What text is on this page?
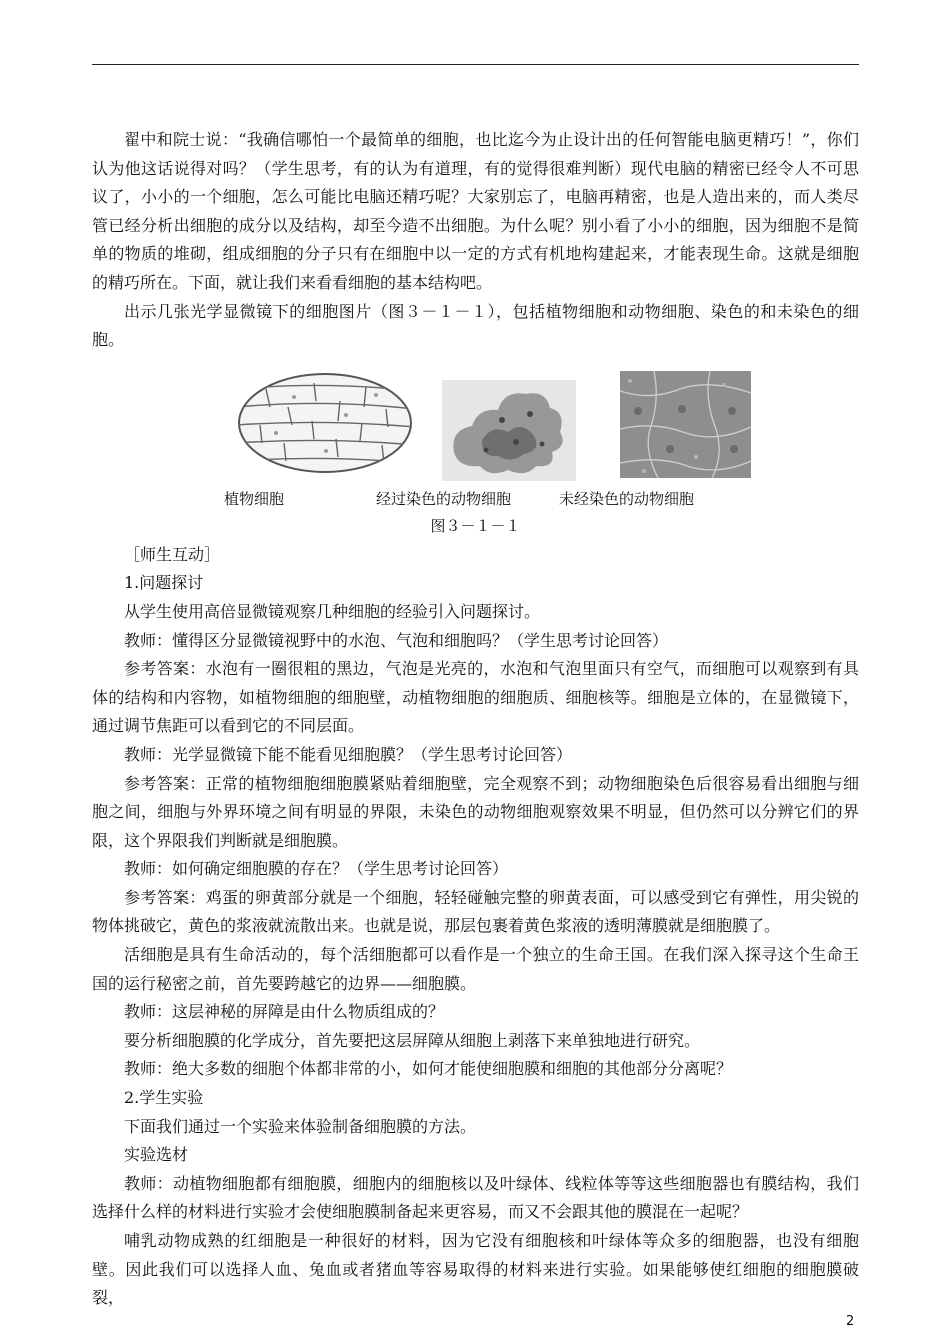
翟中和院士说：“我确信哪怕一个最简单的细胞，也比迄今为止设计出的任何智能电脑更精巧！”，你们认为他这话说得对吗？（学生思考，有的认为有道理，有的觉得很难判断）现代电脑的精密已经令人不可思议了，小小的一个细胞，怎么可能比电脑还精巧呢？大家别忘了，电脑再精密，也是人造出来的，而人类尽管已经分析出细胞的成分以及结构，却至今造不出细胞。为什么呢？别小看了小小的细胞，因为细胞不是简单的物质的堆砌，组成细胞的分子只有在细胞中以一定的方式有机地构建起来，才能表现生命。这就是细胞的精巧所在。下面，就让我们来看看细胞的基本结构吧。

出示几张光学显微镜下的细胞图片（图３－１－１），包括植物细胞和动物细胞、染色的和未染色的细胞。

植物细胞	经过染色的动物细胞	未经染色的动物细胞
图３－１－１

［师生互动］

1.问题探讨

从学生使用高倍显微镜观察几种细胞的经验引入问题探讨。

教师：懂得区分显微镜视野中的水泡、气泡和细胞吗？（学生思考讨论回答）

参考答案：水泡有一圈很粗的黑边，气泡是光亮的，水泡和气泡里面只有空气，而细胞可以观察到有具体的结构和内容物，如植物细胞的细胞壁，动植物细胞的细胞质、细胞核等。细胞是立体的，在显微镜下，通过调节焦距可以看到它的不同层面。

教师：光学显微镜下能不能看见细胞膜？（学生思考讨论回答）

参考答案：正常的植物细胞细胞膜紧贴着细胞壁，完全观察不到；动物细胞染色后很容易看出细胞与细胞之间，细胞与外界环境之间有明显的界限，未染色的动物细胞观察效果不明显，但仍然可以分辨它们的界限，这个界限我们判断就是细胞膜。

教师：如何确定细胞膜的存在？（学生思考讨论回答）

参考答案：鸡蛋的卵黄部分就是一个细胞，轻轻碰触完整的卵黄表面，可以感受到它有弹性，用尖锐的物体挑破它，黄色的浆液就流散出来。也就是说，那层包裹着黄色浆液的透明薄膜就是细胞膜了。

活细胞是具有生命活动的，每个活细胞都可以看作是一个独立的生命王国。在我们深入探寻这个生命王国的运行秘密之前，首先要跨越它的边界——细胞膜。

教师：这层神秘的屏障是由什么物质组成的？

要分析细胞膜的化学成分，首先要把这层屏障从细胞上剥落下来单独地进行研究。

教师：绝大多数的细胞个体都非常的小，如何才能使细胞膜和细胞的其他部分分离呢？

2.学生实验

下面我们通过一个实验来体验制备细胞膜的方法。

实验选材

教师：动植物细胞都有细胞膜，细胞内的细胞核以及叶绿体、线粒体等等这些细胞器也有膜结构，我们选择什么样的材料进行实验才会使细胞膜制备起来更容易，而又不会跟其他的膜混在一起呢？

哺乳动物成熟的红细胞是一种很好的材料，因为它没有细胞核和叶绿体等众多的细胞器，也没有细胞壁。因此我们可以选择人血、兔血或者猪血等容易取得的材料来进行实验。如果能够使红细胞的细胞膜破裂，

2
